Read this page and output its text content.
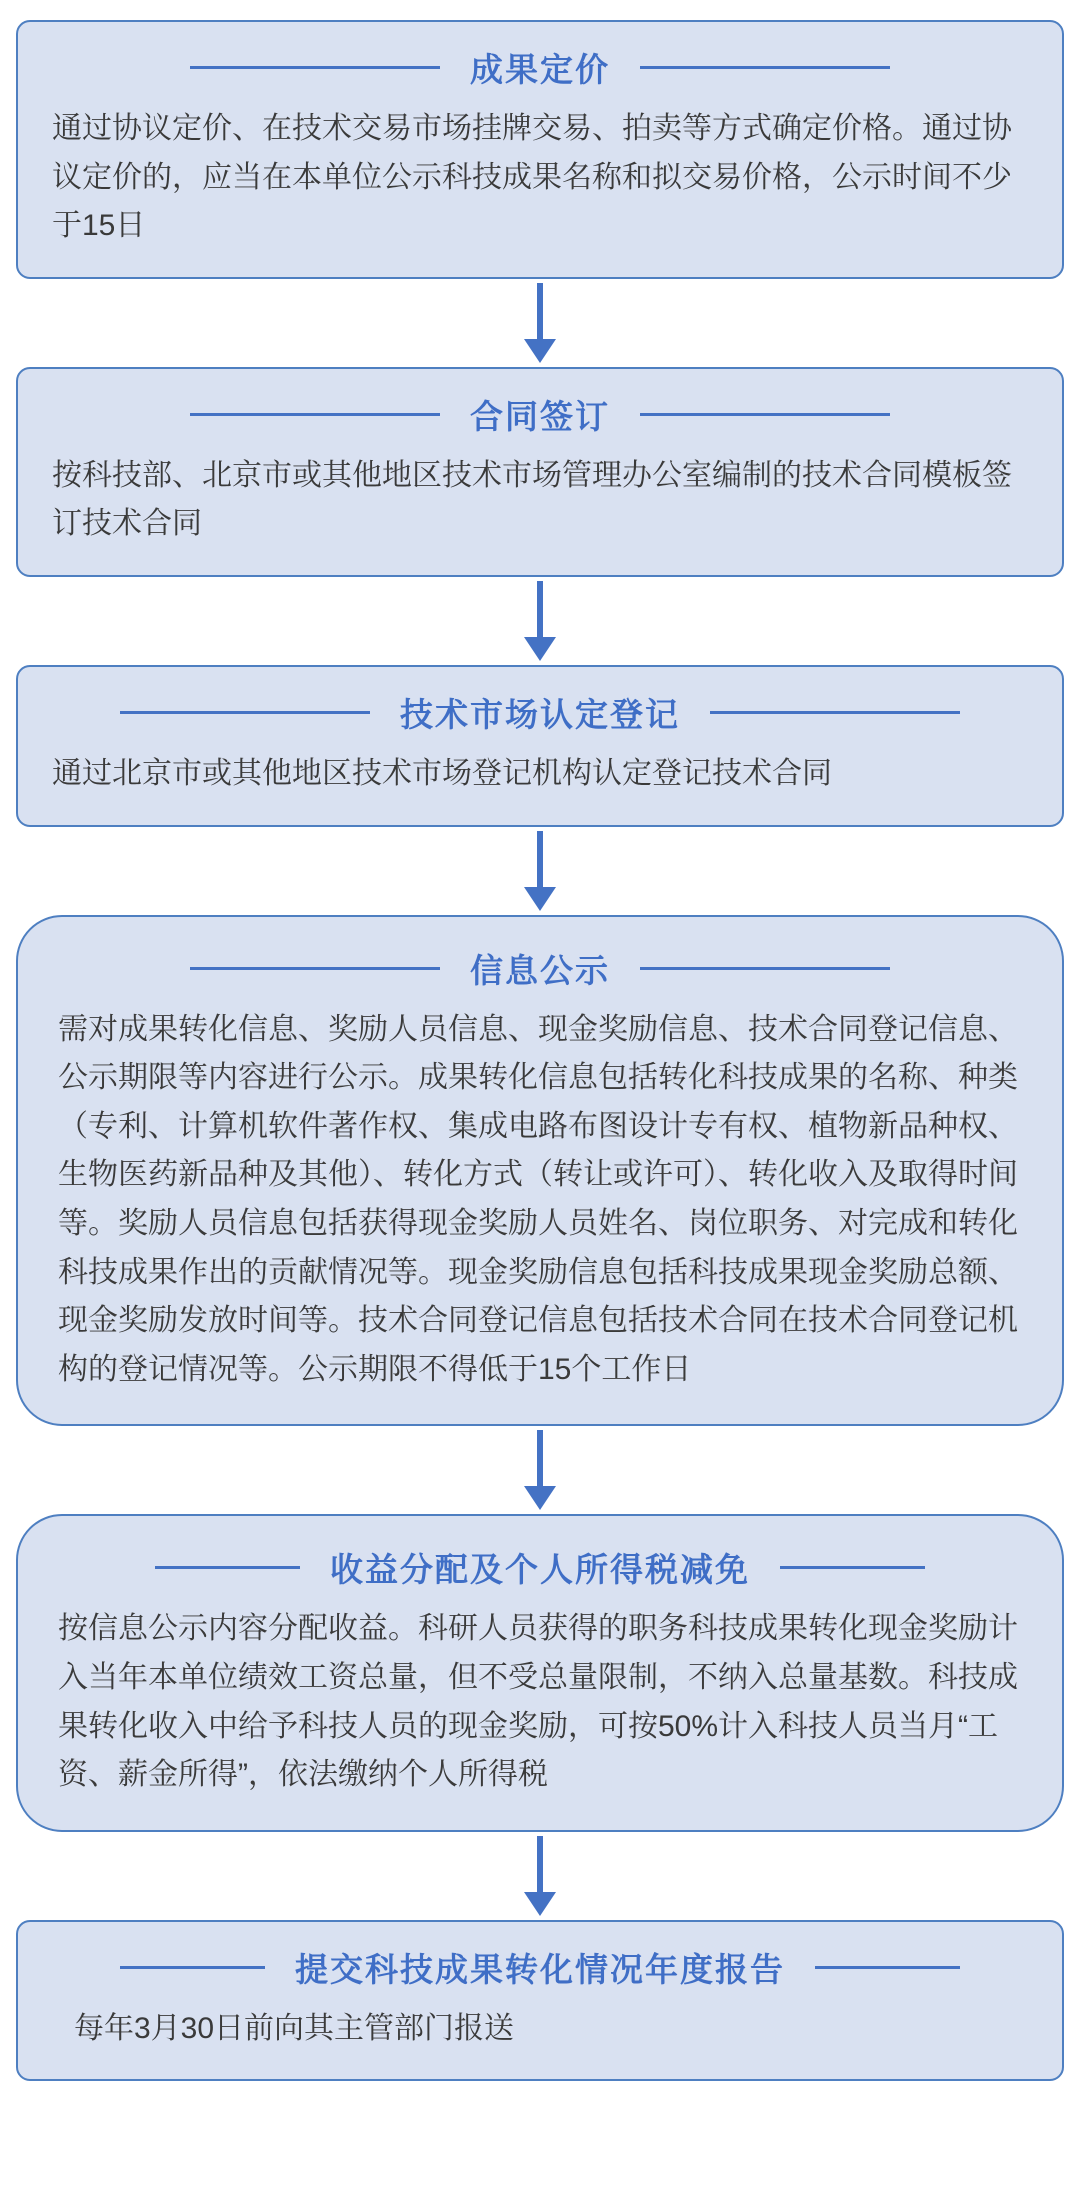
成果定价

通过协议定价、在技术交易市场挂牌交易、拍卖等方式确定价格。通过协议定价的，应当在本单位公示科技成果名称和拟交易价格，公示时间不少于15日

合同签订

按科技部、北京市或其他地区技术市场管理办公室编制的技术合同模板签订技术合同

技术市场认定登记

通过北京市或其他地区技术市场登记机构认定登记技术合同

信息公示

需对成果转化信息、奖励人员信息、现金奖励信息、技术合同登记信息、公示期限等内容进行公示。成果转化信息包括转化科技成果的名称、种类（专利、计算机软件著作权、集成电路布图设计专有权、植物新品种权、生物医药新品种及其他）、转化方式（转让或许可）、转化收入及取得时间等。奖励人员信息包括获得现金奖励人员姓名、岗位职务、对完成和转化科技成果作出的贡献情况等。现金奖励信息包括科技成果现金奖励总额、现金奖励发放时间等。技术合同登记信息包括技术合同在技术合同登记机构的登记情况等。公示期限不得低于15个工作日

收益分配及个人所得税减免

按信息公示内容分配收益。科研人员获得的职务科技成果转化现金奖励计入当年本单位绩效工资总量，但不受总量限制，不纳入总量基数。科技成果转化收入中给予科技人员的现金奖励，可按50%计入科技人员当月“工资、薪金所得”，依法缴纳个人所得税

提交科技成果转化情况年度报告

每年3月30日前向其主管部门报送
